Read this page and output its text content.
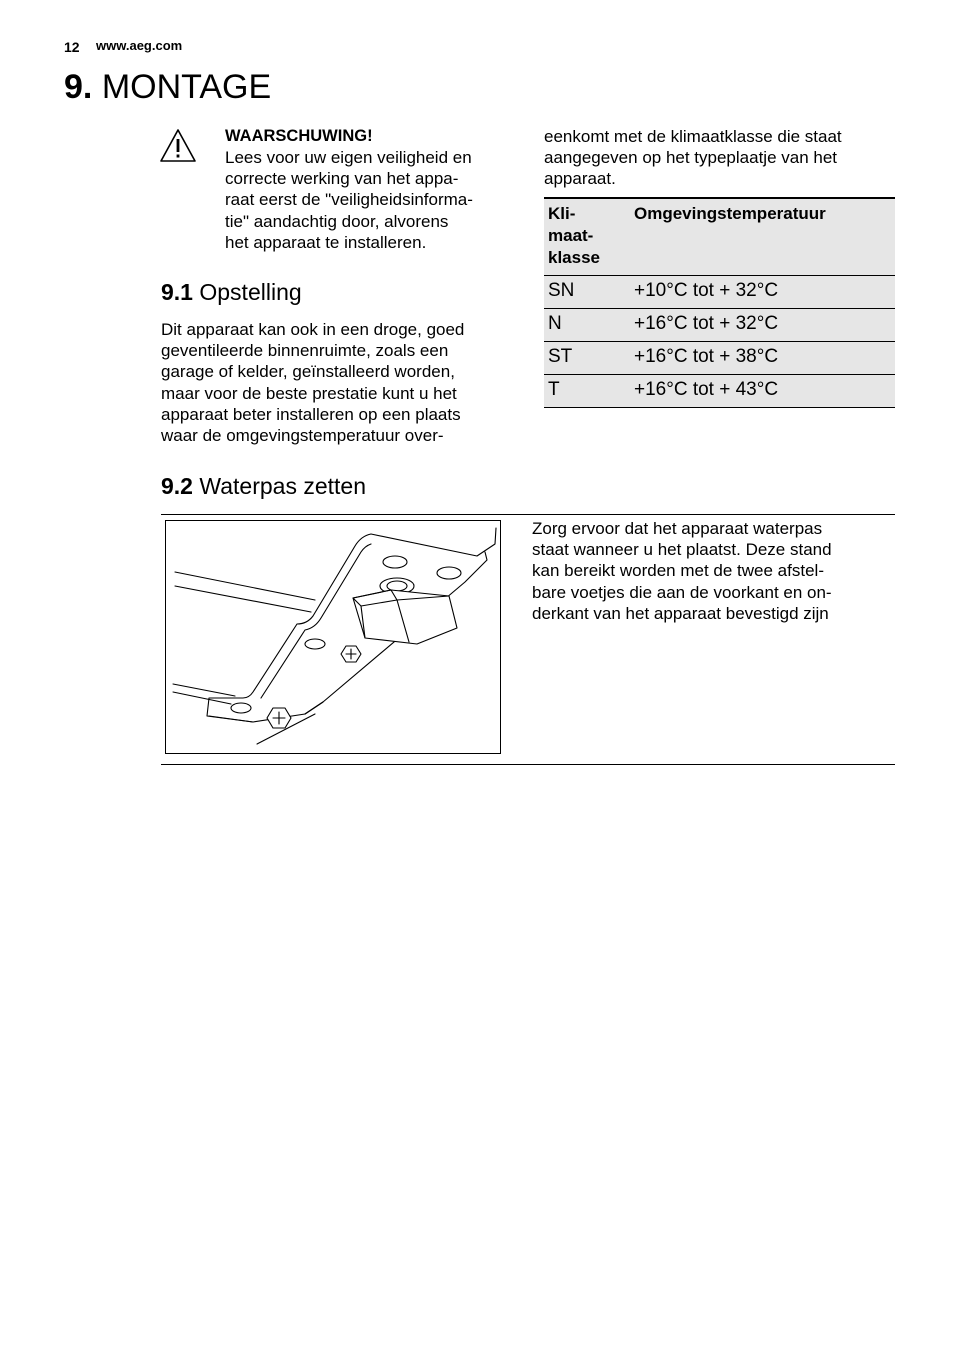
12 www.aeg.com
9. MONTAGE
WAARSCHUWING!
Lees voor uw eigen veiligheid en
correcte werking van het appa-
raat eerst de "veiligheidsinforma-
tie" aandachtig door, alvorens
het apparaat te installeren.
9.1 Opstelling
Dit apparaat kan ook in een droge, goed
geventileerde binnenruimte, zoals een
garage of kelder, geïnstalleerd worden,
maar voor de beste prestatie kunt u het
apparaat beter installeren op een plaats
waar de omgevingstemperatuur over-
eenkomt met de klimaatklasse die staat
aangegeven op het typeplaatje van het
apparaat.
Kli-
maat-
klasse	Omgevingstemperatuur
SN	+10°C tot + 32°C
N	+16°C tot + 32°C
ST	+16°C tot + 38°C
T	+16°C tot + 43°C
9.2 Waterpas zetten
Zorg ervoor dat het apparaat waterpas
staat wanneer u het plaatst. Deze stand
kan bereikt worden met de twee afstel-
bare voetjes die aan de voorkant en on-
derkant van het apparaat bevestigd zijn
